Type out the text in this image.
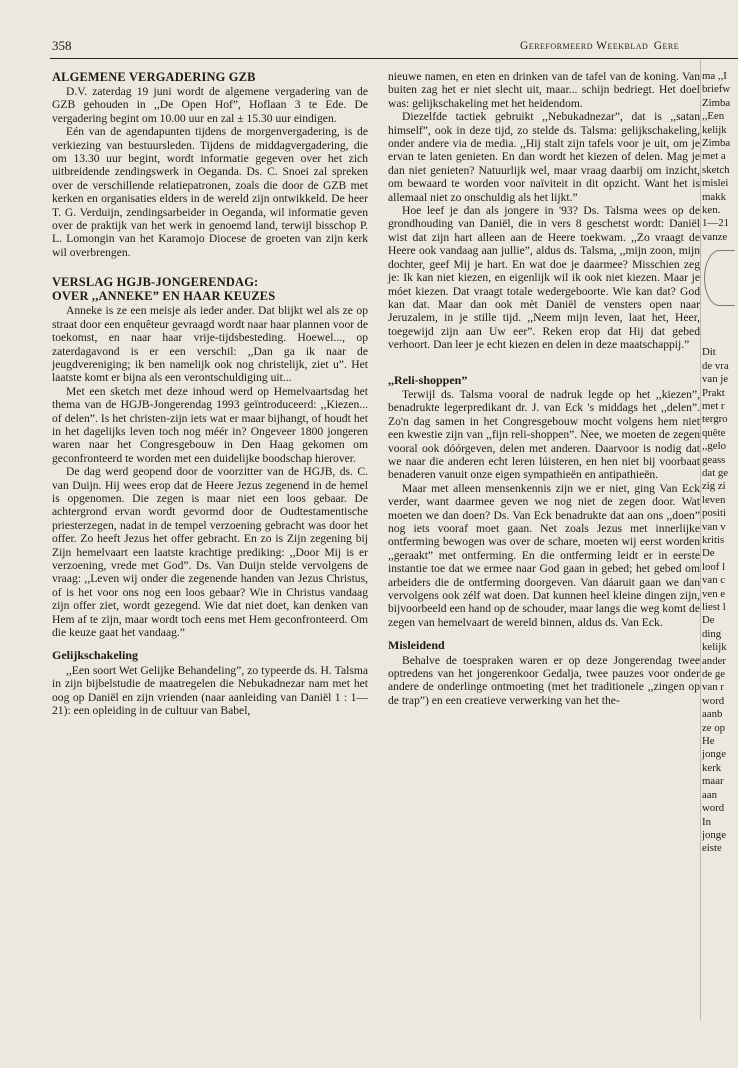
358	Gereformeerd Weekblad Gere
ALGEMENE VERGADERING GZB

D.V. zaterdag 19 juni wordt de algemene vergadering van de GZB gehouden in ,,De Open Hof”, Hoflaan 3 te Ede. De vergadering begint om 10.00 uur en zal ± 15.30 uur eindigen.

Eén van de agendapunten tijdens de morgenvergadering, is de verkiezing van bestuursleden. Tijdens de middagvergadering, die om 13.30 uur begint, wordt informatie gegeven over het zich uitbreidende zendingswerk in Oeganda. Ds. C. Snoei zal spreken over de verschillende relatiepatronen, zoals die door de GZB met kerken en organisaties elders in de wereld zijn ontwikkeld. De heer T. G. Verduijn, zendingsarbeider in Oeganda, wil informatie geven over de praktijk van het werk in genoemd land, terwijl bisschop P. L. Lomongin van het Karamojo Diocese de groeten van zijn kerk wil overbrengen.

VERSLAG HGJB-JONGERENDAG:
OVER ,,ANNEKE” EN HAAR KEUZES

Anneke is ze een meisje als ieder ander. Dat blijkt wel als ze op straat door een enquêteur gevraagd wordt naar haar plannen voor de toekomst, en naar haar vrije-tijdsbesteding. Hoewel..., op zaterdagavond is er een verschil: ,,Dan ga ik naar de jeugdvereniging; ik ben namelijk ook nog christelijk, ziet u”. Het laatste komt er bijna als een verontschuldiging uit...

Met een sketch met deze inhoud werd op Hemelvaartsdag het thema van de HGJB-Jongerendag 1993 geïntroduceerd: ,,Kiezen... of delen”. Is het christen-zijn iets wat er maar bijhangt, of houdt het in het dagelijks leven toch nog méér in? Ongeveer 1800 jongeren waren naar het Congresgebouw in Den Haag gekomen om geconfronteerd te worden met een duidelijke boodschap hierover.

De dag werd geopend door de voorzitter van de HGJB, ds. C. van Duijn. Hij wees erop dat de Heere Jezus zegenend in de hemel is opgenomen. Die zegen is maar niet een loos gebaar. De achtergrond ervan wordt gevormd door de Oudtestamentische priesterzegen, nadat in de tempel verzoening gebracht was door het offer. Zo heeft Jezus het offer gebracht. En zo is Zijn zegening bij Zijn hemelvaart een laatste krachtige prediking: ,,Door Mij is er verzoening, vrede met God”. Ds. Van Duijn stelde vervolgens de vraag: ,,Leven wij onder die zegenende handen van Jezus Christus, of is het voor ons nog een loos gebaar? Wie in Christus vandaag zijn offer ziet, wordt gezegend. Wie dat niet doet, kan denken van Hem af te zijn, maar wordt toch eens met Hem geconfronteerd. Om die keuze gaat het vandaag.”

Gelijkschakeling

,,Een soort Wet Gelijke Behandeling”, zo typeerde ds. H. Talsma in zijn bijbelstudie de maatregelen die Nebukadnezar nam met het oog op Daniël en zijn vrienden (naar aanleiding van Daniël 1 : 1—21): een opleiding in de cultuur van Babel,

nieuwe namen, en eten en drinken van de tafel van de koning. Van buiten zag het er niet slecht uit, maar... schijn bedriegt. Het doel was: gelijkschakeling met het heidendom.

Diezelfde tactiek gebruikt ,,Nebukadnezar”, dat is ,,satan himself”, ook in deze tijd, zo stelde ds. Talsma: gelijkschakeling, onder andere via de media. ,,Hij stalt zijn tafels voor je uit, om je ervan te laten genieten. En dan wordt het kiezen of delen. Mag je dan niet genieten? Natuurlijk wel, maar vraag daarbij om inzicht, om bewaard te worden voor naïviteit in dit opzicht. Want het is allemaal niet zo onschuldig als het lijkt.”

Hoe leef je dan als jongere in '93? Ds. Talsma wees op de grondhouding van Daniël, die in vers 8 geschetst wordt: Daniël wist dat zijn hart alleen aan de Heere toekwam. ,,Zo vraagt de Heere ook vandaag aan jullie”, aldus ds. Talsma, ,,mijn zoon, mijn dochter, geef Mij je hart. En wat doe je daarmee? Misschien zeg je: Ik kan niet kiezen, en eigenlijk wil ik ook niet kiezen. Maar je móet kiezen. Dat vraagt totale wedergeboorte. Wie kan dat? God kan dat. Maar dan ook mèt Daniël de vensters open naar Jeruzalem, in je stille tijd. ,,Neem mijn leven, laat het, Heer, toegewijd zijn aan Uw eer”. Reken erop dat Hij dat gebed verhoort. Dan leer je echt kiezen en delen in deze maatschappij.”

,,Reli-shoppen”

Terwijl ds. Talsma vooral de nadruk legde op het ,,kiezen”, benadrukte legerpredikant dr. J. van Eck 's middags het ,,delen”. Zo'n dag samen in het Congresgebouw mocht volgens hem niet een kwestie zijn van ,,fijn reli-shoppen”. Nee, we moeten de zegen vooral ook dóórgeven, delen met anderen. Daarvoor is nodig dat we naar die anderen echt leren lúisteren, en hen niet bij voorbaat benaderen vanuit onze eigen sympathieën en antipathieën.

Maar met alleen mensenkennis zijn we er niet, ging Van Eck verder, want daarmee geven we nog niet de zegen door. Wat moeten we dan doen? Ds. Van Eck benadrukte dat aan ons ,,doen” nog iets vooraf moet gaan. Net zoals Jezus met innerlijke ontferming bewogen was over de schare, moeten wij eerst worden ,,geraakt” met ontferming. En die ontferming leidt er in eerste instantie toe dat we ermee naar God gaan in gebed; het gebed om arbeiders die de ontferming doorgeven. Van dáaruit gaan we dan vervolgens ook zélf wat doen. Dat kunnen heel kleine dingen zijn, bijvoorbeeld een hand op de schouder, maar langs die weg komt de zegen van hemelvaart de wereld binnen, aldus ds. Van Eck.

Misleidend

Behalve de toespraken waren er op deze Jongerendag twee optredens van het jongerenkoor Gedalja, twee pauzes voor onder andere de onderlinge ontmoeting (met het traditionele ,,zingen op de trap”) en een creatieve verwerking van het the-

ma ,,I
briefw
Zimba
,,Een
kelijk
Zimba
met a
sketch
mislei
makk
ken.
1—21
vanze
Dit
de vra
van je
Prakt
met r
tergro
quête
,,gelo
geass
dat ge
zig zi
leven
positi
van v
kritis
De
loof l
van c
ven e
liest l
De
ding
kelijk
ander
de ge
van r
word
aanb
ze op
He
jonge
kerk
maar
aan
word
In
jonge
eiste
